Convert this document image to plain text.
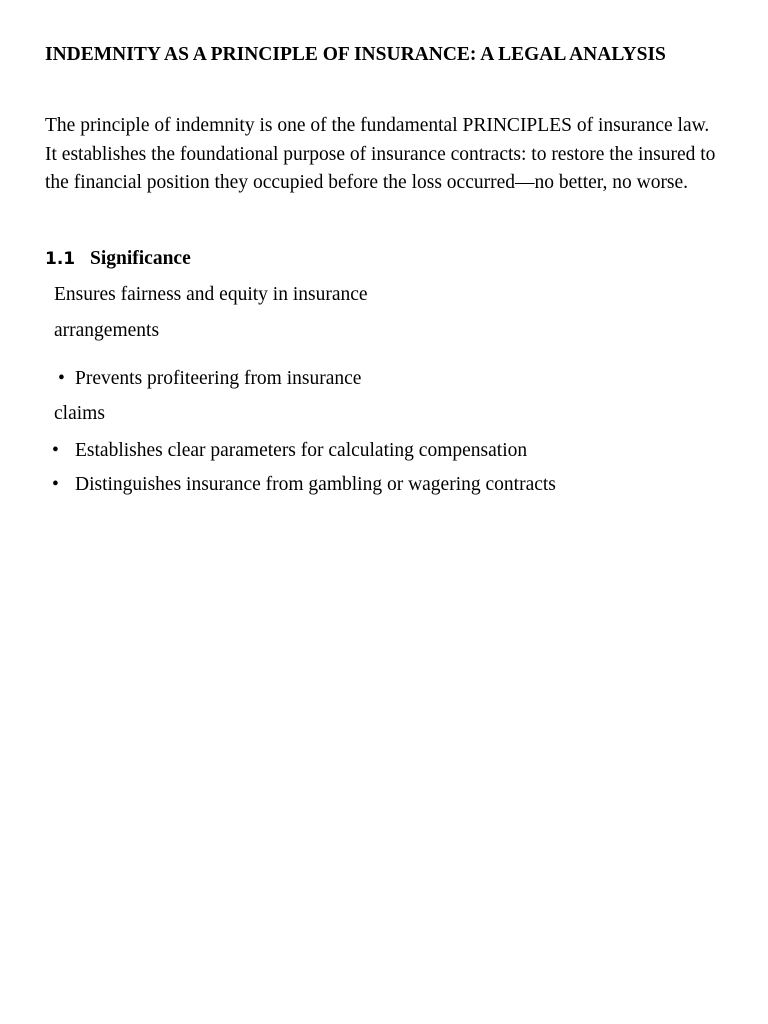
INDEMNITY AS A PRINCIPLE OF INSURANCE: A LEGAL ANALYSIS

The principle of indemnity is one of the fundamental PRINCIPLES of insurance law. It establishes the foundational purpose of insurance contracts: to restore the insured to the financial position they occupied before the loss occurred—no better, no worse.

1.1 Significance

Ensures fairness and equity in insurance

arrangements

• Prevents profiteering from insurance

claims

• Establishes clear parameters for calculating compensation
• Distinguishes insurance from gambling or wagering contracts
